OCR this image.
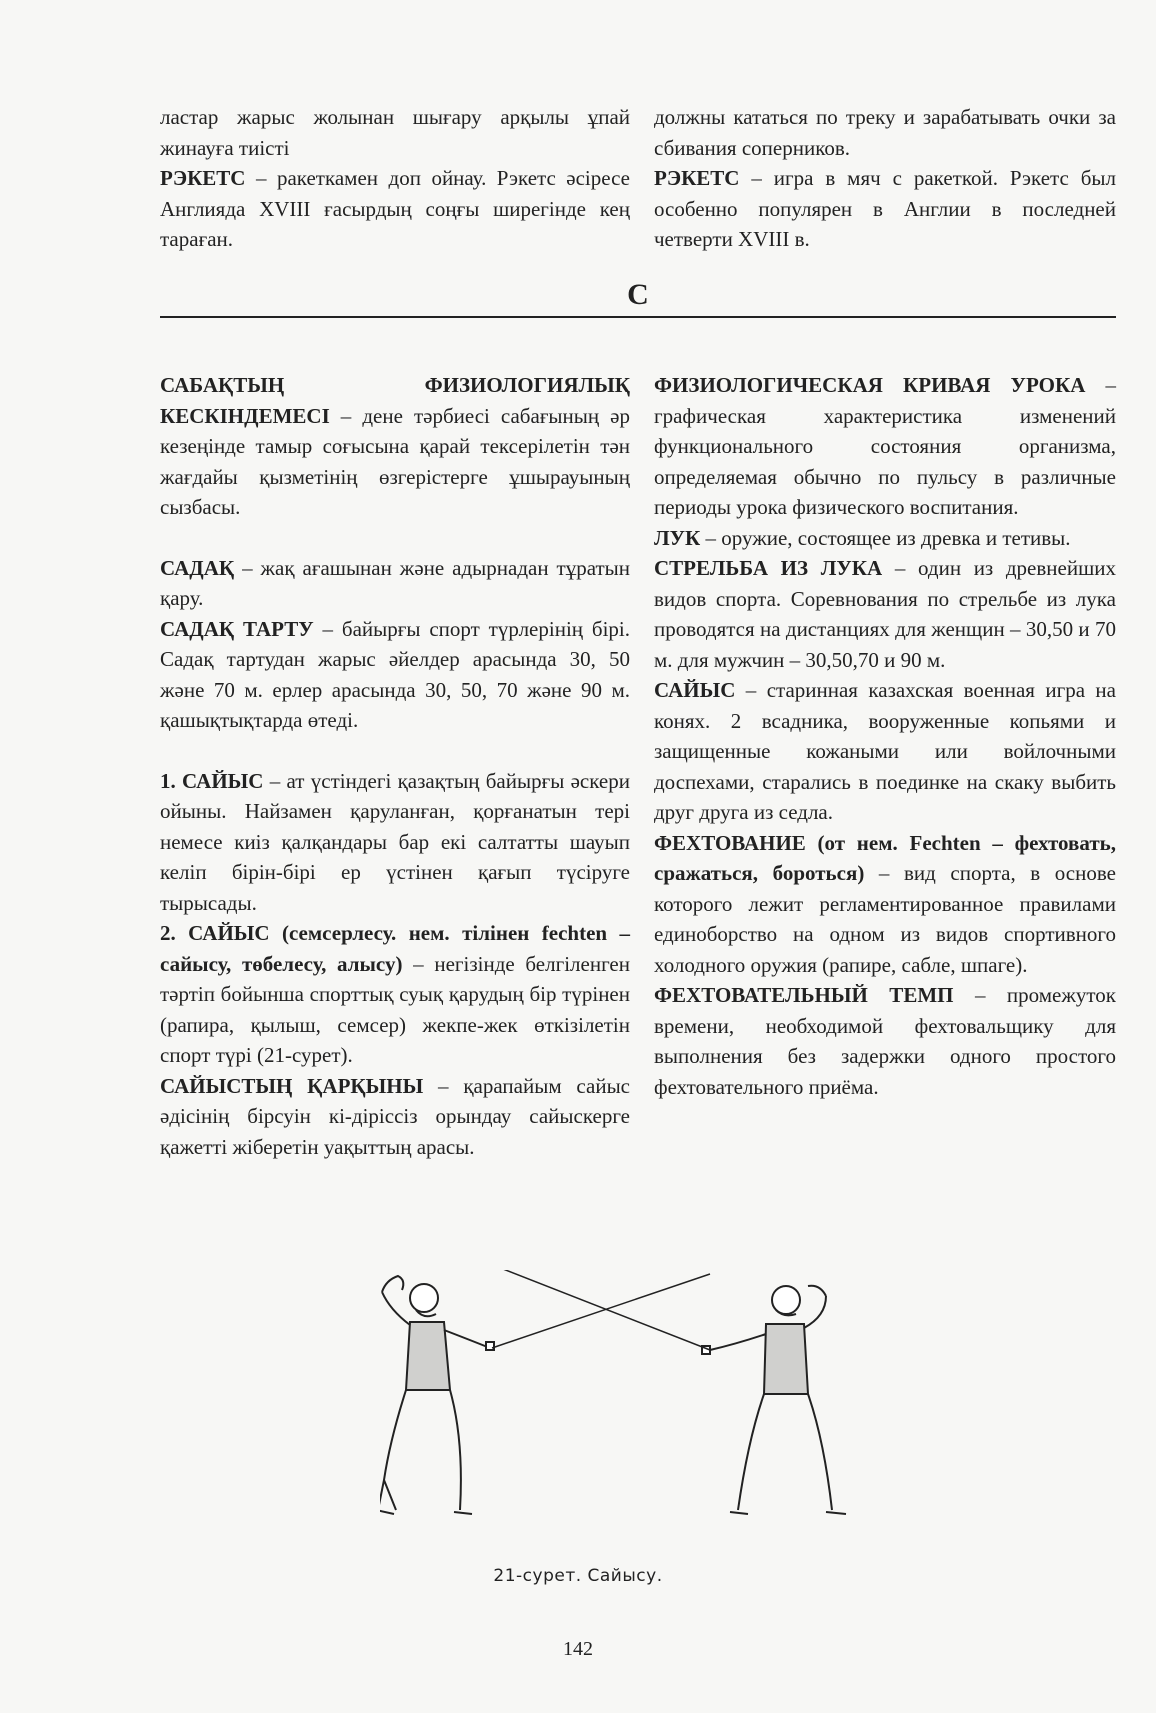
ластар жарыс жолынан шығару арқылы ұпай жинауға тиісті

РЭКЕТС – ракеткамен доп ойнау. Рэкетс әсіресе Англияда XVIII ғасырдың соңғы ширегінде кең тараған.

должны кататься по треку и зарабатывать очки за сбивания соперников.

РЭКЕТС – игра в мяч с ракеткой. Рэкетс был особенно популярен в Англии в последней четверти XVIII в.

С

САБАҚТЫҢ ФИЗИОЛОГИЯЛЫҚ КЕСКІНДЕМЕСІ – дене тәрбиесі сабағының әр кезеңінде тамыр соғысына қарай тексерілетін тән жағдайы қызметінің өзгерістерге ұшырауының сызбасы.

САДАҚ – жақ ағашынан және адырнадан тұратын қару.

САДАҚ ТАРТУ – байырғы спорт түрлерінің бірі. Садақ тартудан жарыс әйелдер арасында 30, 50 және 70 м. ерлер арасында 30, 50, 70 және 90 м. қашықтықтарда өтеді.

1. САЙЫС – ат үстіндегі қазақтың байырғы әскери ойыны. Найзамен қаруланған, қорғанатын тері немесе киіз қалқандары бар екі салтатты шауып келіп бірін-бірі ер үстінен қағып түсіруге тырысады.

2. САЙЫС (семсерлесу. нем. тілінен fechten – сайысу, төбелесу, алысу) – негізінде белгіленген тәртіп бойынша спорттық суық қарудың бір түрінен (рапира, қылыш, семсер) жекпе-жек өткізілетін спорт түрі (21-сурет).

САЙЫСТЫҢ ҚАРҚЫНЫ – қарапайым сайыс әдісінің бірсуін кі-діріссіз орындау сайыскерге қажетті жіберетін уақыттың арасы.

ФИЗИОЛОГИЧЕСКАЯ КРИВАЯ УРОКА – графическая характеристика изменений функционального состояния организма, определяемая обычно по пульсу в различные периоды урока физического воспитания.

ЛУК – оружие, состоящее из древка и тетивы.

СТРЕЛЬБА ИЗ ЛУКА – один из древнейших видов спорта. Соревнования по стрельбе из лука проводятся на дистанциях для женщин – 30,50 и 70 м. для мужчин – 30,50,70 и 90 м.

САЙЫС – старинная казахская военная игра на конях. 2 всадника, вооруженные копьями и защищенные кожаными или войлочными доспехами, старались в поединке на скаку выбить друг друга из седла.

ФЕХТОВАНИЕ (от нем. Fechten – фехтовать, сражаться, бороться) – вид спорта, в основе которого лежит регламентированное правилами единоборство на одном из видов спортивного холодного оружия (рапире, сабле, шпаге).

ФЕХТОВАТЕЛЬНЫЙ ТЕМП – промежуток времени, необходимой фехтовальщику для выполнения без задержки одного простого фехтовательного приёма.

21-сурет. Сайысу.
142
